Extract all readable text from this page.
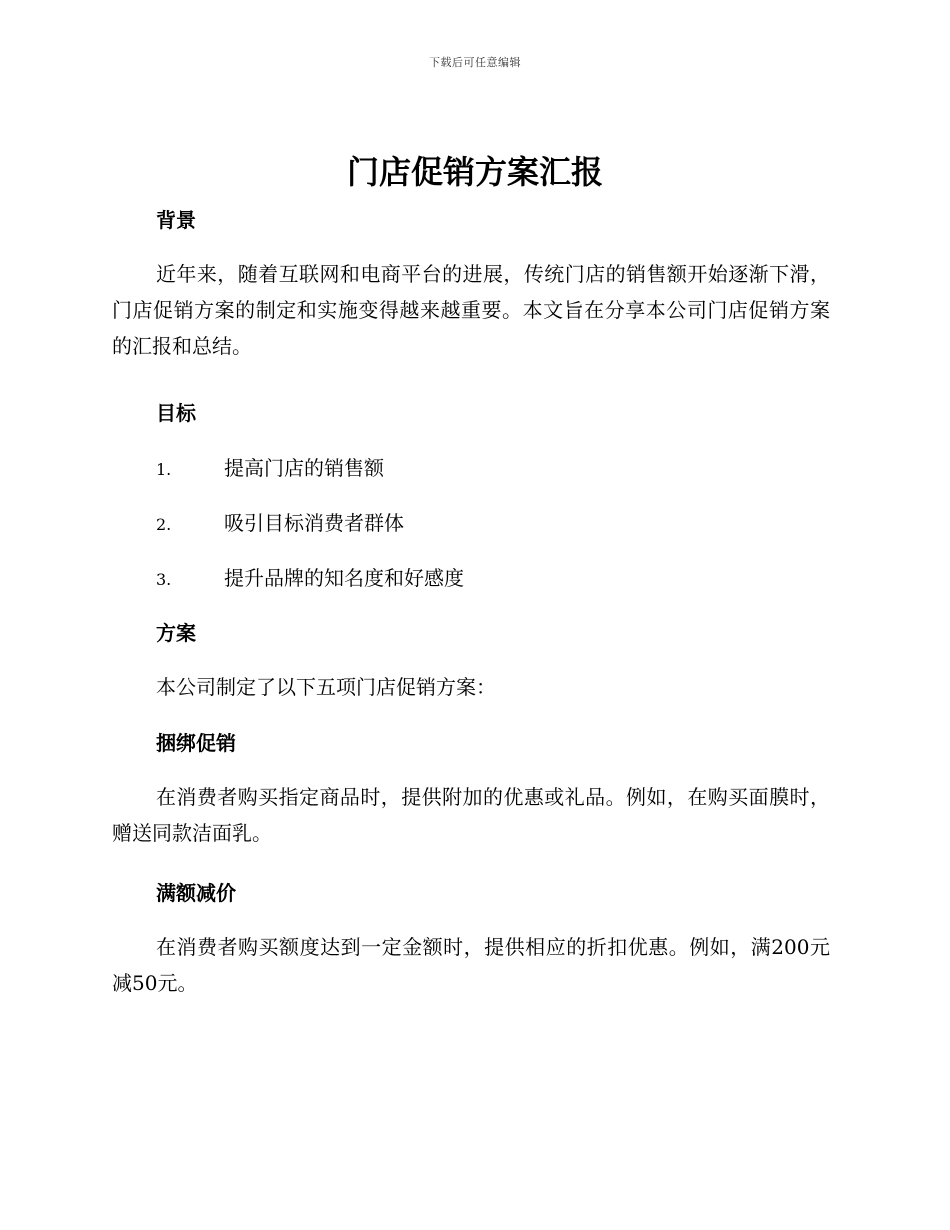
下载后可任意编辑
门店促销方案汇报
背景
近年来，随着互联网和电商平台的进展，传统门店的销售额开始逐渐下滑，门店促销方案的制定和实施变得越来越重要。本文旨在分享本公司门店促销方案的汇报和总结。
目标
1.	提高门店的销售额
2.	吸引目标消费者群体
3.	提升品牌的知名度和好感度
方案
本公司制定了以下五项门店促销方案：
捆绑促销
在消费者购买指定商品时，提供附加的优惠或礼品。例如，在购买面膜时，赠送同款洁面乳。
满额减价
在消费者购买额度达到一定金额时，提供相应的折扣优惠。例如，满200元减50元。
